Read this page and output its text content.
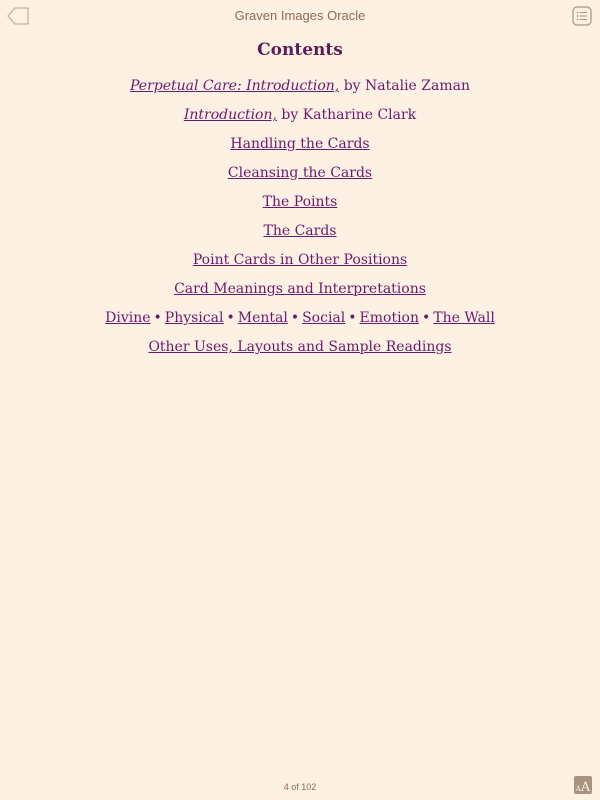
Graven Images Oracle
Contents
Perpetual Care: Introduction, by Natalie Zaman
Introduction, by Katharine Clark
Handling the Cards
Cleansing the Cards
The Points
The Cards
Point Cards in Other Positions
Card Meanings and Interpretations
Divine • Physical • Mental • Social • Emotion • The Wall
Other Uses, Layouts and Sample Readings
4 of 102	AA
